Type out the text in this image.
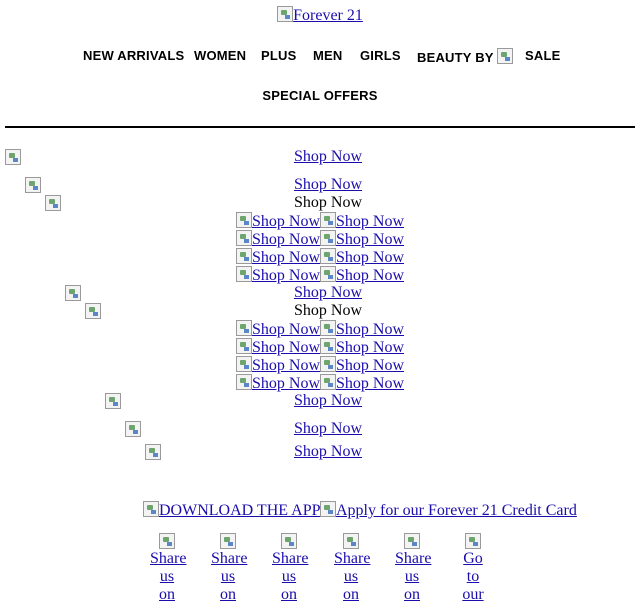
Forever 21
NEW ARRIVALS WOMEN PLUS MEN GIRLS BEAUTY BY	SALE
SPECIAL OFFERS

Shop Now

Shop Now

Shop Now
Shop Now Shop Now
Shop Now Shop Now
Shop Now Shop Now
Shop Now Shop Now

Shop Now

Shop Now
Shop Now Shop Now
Shop Now Shop Now
Shop Now Shop Now
Shop Now Shop Now

Shop Now

Shop Now
Shop Now
DOWNLOAD THE APP Apply for our Forever 21 Credit Card
Share
us
on
Share
us
on
Share
us
on
Share
us
on
Share
us
on
Go
to
our
